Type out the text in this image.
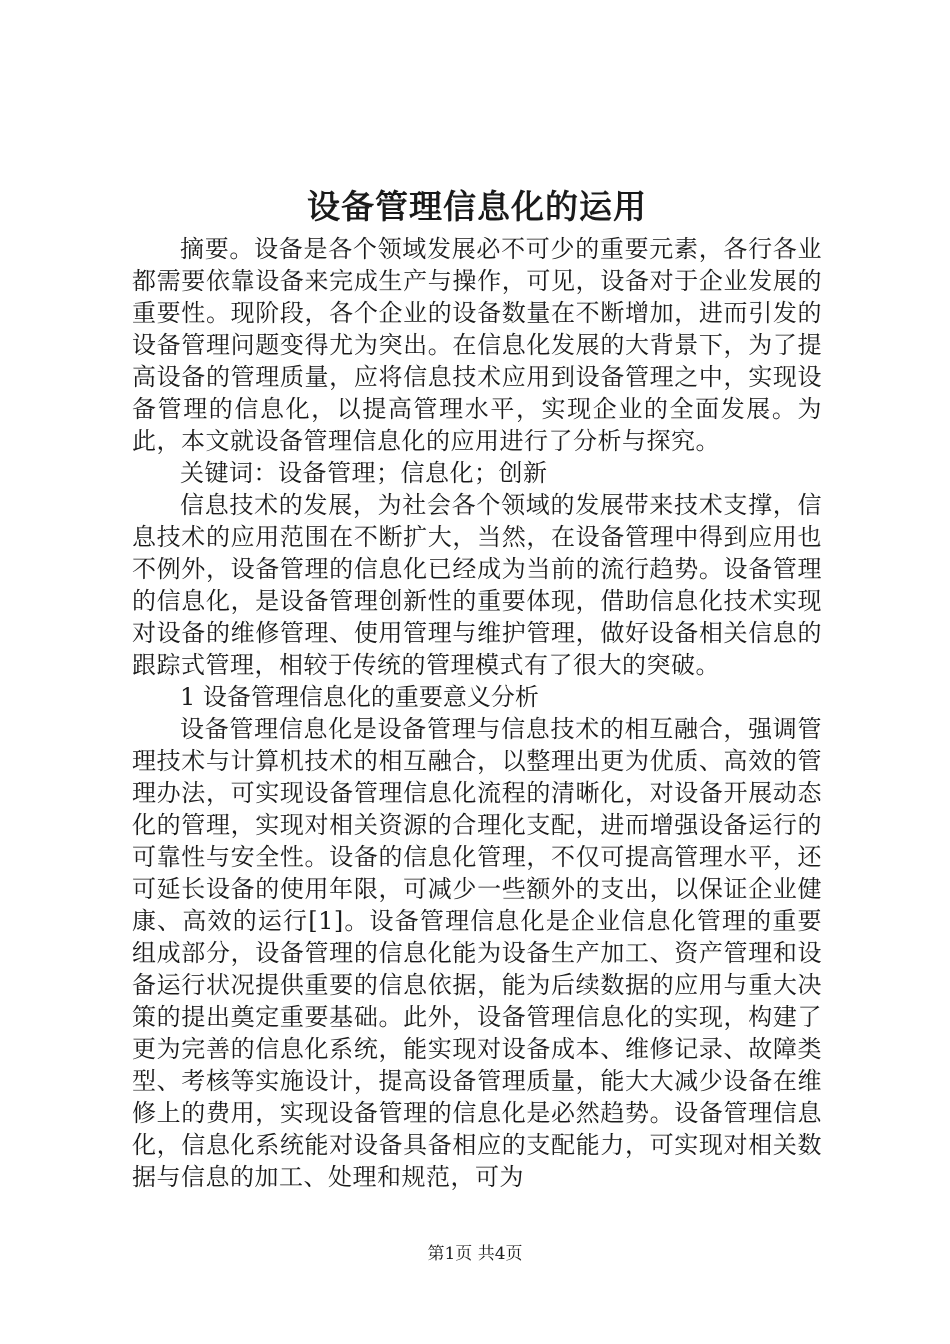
设备管理信息化的运用

摘要。设备是各个领域发展必不可少的重要元素，各行各业都需要依靠设备来完成生产与操作，可见，设备对于企业发展的重要性。现阶段，各个企业的设备数量在不断增加，进而引发的设备管理问题变得尤为突出。在信息化发展的大背景下，为了提高设备的管理质量，应将信息技术应用到设备管理之中，实现设备管理的信息化，以提高管理水平，实现企业的全面发展。为此，本文就设备管理信息化的应用进行了分析与探究。

关键词：设备管理；信息化；创新

信息技术的发展，为社会各个领域的发展带来技术支撑，信息技术的应用范围在不断扩大，当然，在设备管理中得到应用也不例外，设备管理的信息化已经成为当前的流行趋势。设备管理的信息化，是设备管理创新性的重要体现，借助信息化技术实现对设备的维修管理、使用管理与维护管理，做好设备相关信息的跟踪式管理，相较于传统的管理模式有了很大的突破。

1 设备管理信息化的重要意义分析

设备管理信息化是设备管理与信息技术的相互融合，强调管理技术与计算机技术的相互融合，以整理出更为优质、高效的管理办法，可实现设备管理信息化流程的清晰化，对设备开展动态化的管理，实现对相关资源的合理化支配，进而增强设备运行的可靠性与安全性。设备的信息化管理，不仅可提高管理水平，还可延长设备的使用年限，可减少一些额外的支出，以保证企业健康、高效的运行[1]。设备管理信息化是企业信息化管理的重要组成部分，设备管理的信息化能为设备生产加工、资产管理和设备运行状况提供重要的信息依据，能为后续数据的应用与重大决策的提出奠定重要基础。此外，设备管理信息化的实现，构建了更为完善的信息化系统，能实现对设备成本、维修记录、故障类型、考核等实施设计，提高设备管理质量，能大大减少设备在维修上的费用，实现设备管理的信息化是必然趋势。设备管理信息化，信息化系统能对设备具备相应的支配能力，可实现对相关数据与信息的加工、处理和规范，可为

第1页 共4页
